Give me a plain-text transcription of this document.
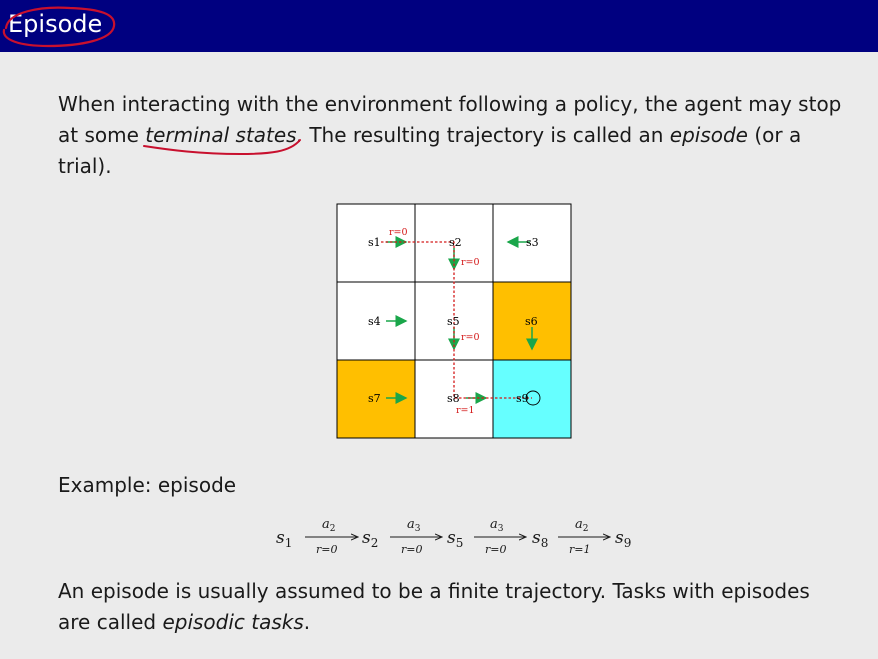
Episode
When interacting with the environment following a policy, the agent may stop at some terminal states. The resulting trajectory is called an episode (or a trial).
s1	s2	s3
s4	s5	s6
s7	s8	s9
r=0
r=0
r=0
r=1
Example: episode
$s_1$
$a_2$
r=0
$s_2$
$a_3$
r=0
$s_5$
$a_3$
r=0
$s_8$
$a_2$
r=1
$s_9$
An episode is usually assumed to be a finite trajectory. Tasks with episodes are called episodic tasks.
